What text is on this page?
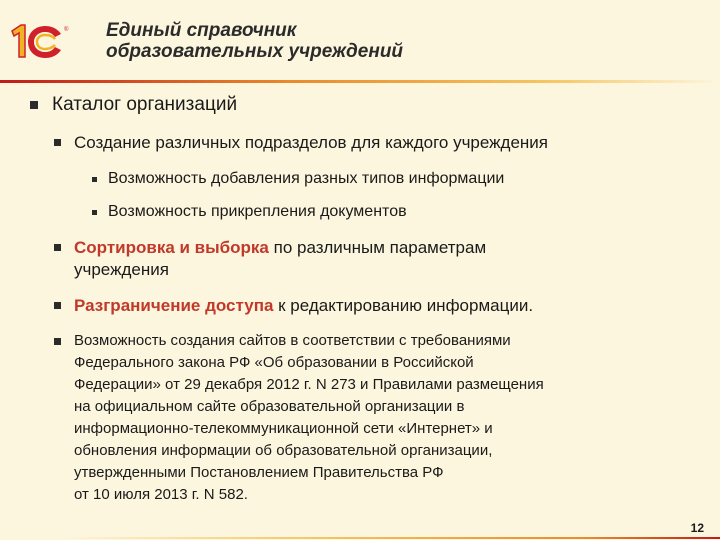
® Единый справочник
образовательных учреждений
Каталог организаций
Создание различных подразделов для каждого учреждения
Возможность добавления разных типов информации
Возможность прикрепления документов
Сортировка и выборка по различным параметрам
учреждения
Разграничение доступа к редактированию информации.
Возможность создания сайтов в соответствии с требованиями
Федерального закона РФ «Об образовании в Российской
Федерации» от 29 декабря 2012 г. N 273 и Правилами размещения
на официальном сайте образовательной организации в
информационно-телекоммуникационной сети «Интернет» и
обновления информации об образовательной организации,
утвержденными Постановлением Правительства РФ
от 10 июля 2013 г. N 582.
12
